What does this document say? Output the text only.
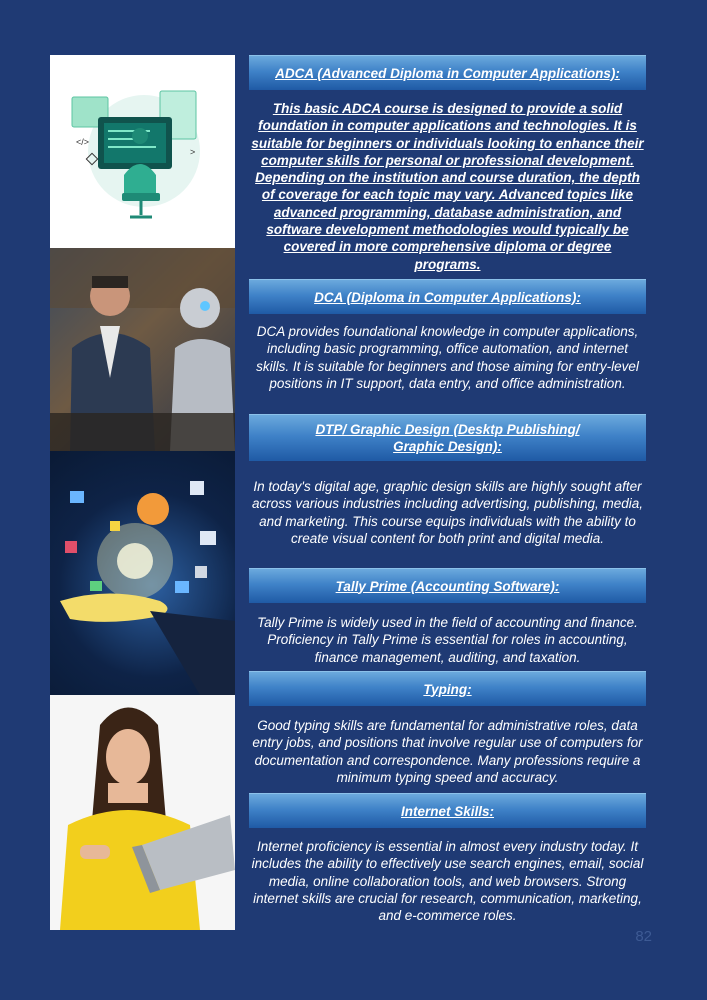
</>
>
ADCA (Advanced Diploma in Computer Applications):
This basic ADCA course is designed to provide a solid foundation in computer applications and technologies. It is suitable for beginners or individuals looking to enhance their computer skills for personal or professional development. Depending on the institution and course duration, the depth of coverage for each topic may vary. Advanced topics like advanced programming, database administration, and software development methodologies would typically be covered in more comprehensive diploma or degree programs.
DCA (Diploma in Computer Applications):
DCA provides foundational knowledge in computer applications, including basic programming, office automation, and internet skills. It is suitable for beginners and those aiming for entry-level positions in IT support, data entry, and office administration.
DTP/ Graphic Design (Desktp Publishing/
Graphic Design):
In today's digital age, graphic design skills are highly sought after across various industries including advertising, publishing, media, and marketing. This course equips individuals with the ability to create visual content for both print and digital media.
Tally Prime (Accounting Software):
Tally Prime is widely used in the field of accounting and finance. Proficiency in Tally Prime is essential for roles in accounting, finance management, auditing, and taxation.
Typing:
Good typing skills are fundamental for administrative roles, data entry jobs, and positions that involve regular use of computers for documentation and correspondence. Many professions require a minimum typing speed and accuracy.
Internet Skills:
Internet proficiency is essential in almost every industry today. It includes the ability to effectively use search engines, email, social media, online collaboration tools, and web browsers. Strong internet skills are crucial for research, communication, marketing, and e-commerce roles.
82
